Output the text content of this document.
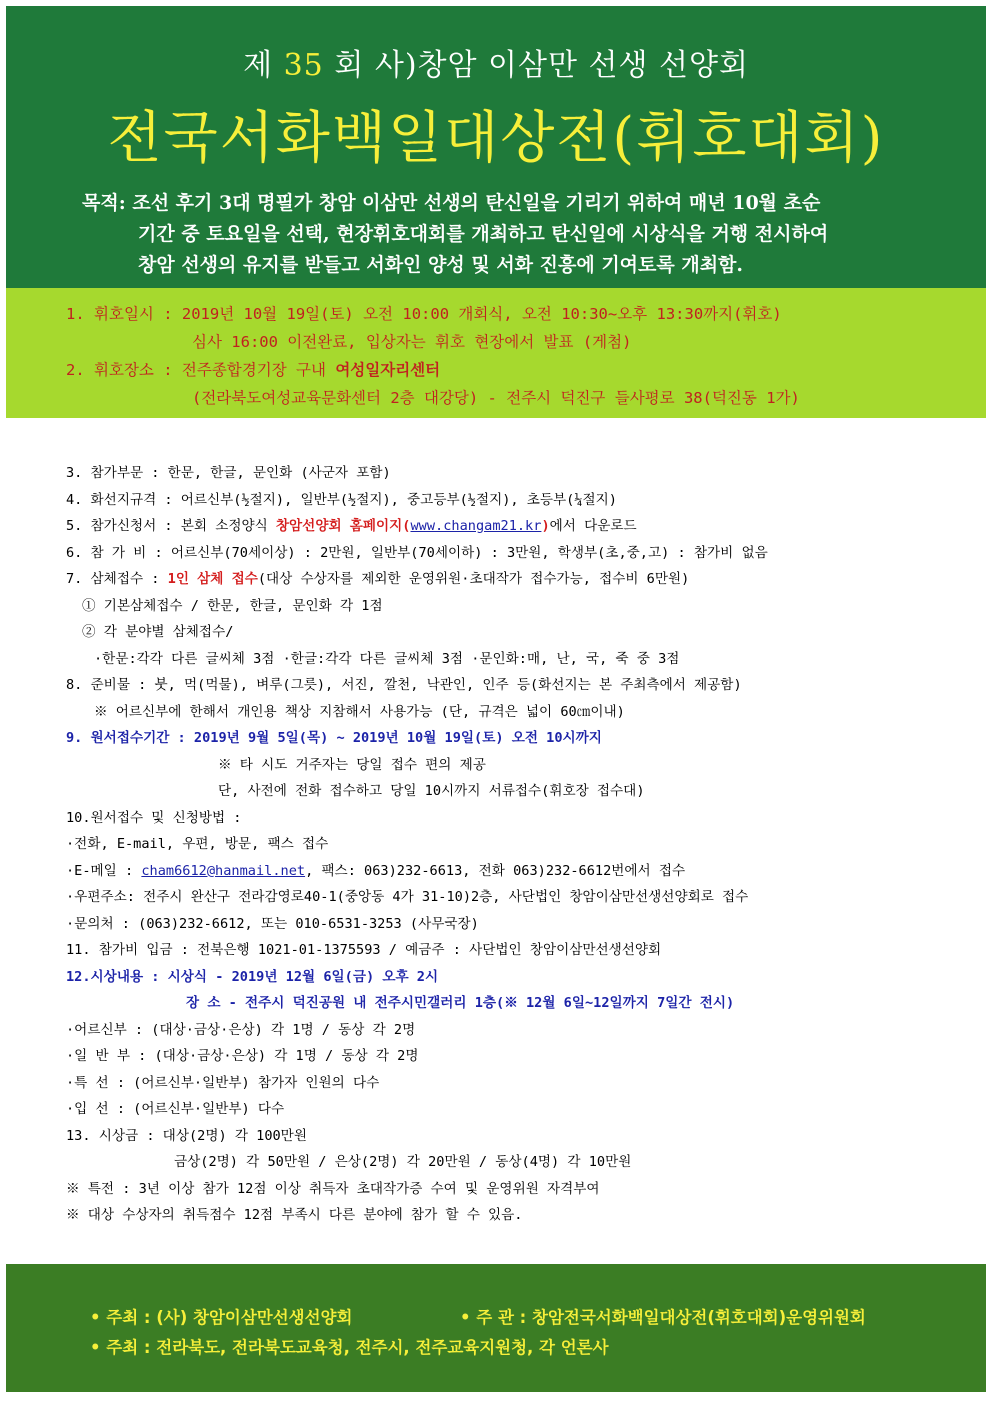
제 35 회 사)창암 이삼만 선생 선양회
전국서화백일대상전(휘호대회)

목적: 조선 후기 3대 명필가 창암 이삼만 선생의 탄신일을 기리기 위하여 매년 10월 초순

기간 중 토요일을 선택, 현장휘호대회를 개최하고 탄신일에 시상식을 거행 전시하여

창암 선생의 유지를 받들고 서화인 양성 및 서화 진흥에 기여토록 개최함.

1. 휘호일시 : 2019년 10월 19일(토) 오전 10:00 개회식, 오전 10:30~오후 13:30까지(휘호)
심사 16:00 이전완료, 입상자는 휘호 현장에서 발표 (게첨)
2. 휘호장소 : 전주종합경기장 구내 여성일자리센터
(전라북도여성교육문화센터 2층 대강당) - 전주시 덕진구 들사평로 38(덕진동 1가)
3. 참가부문 : 한문, 한글, 문인화 (사군자 포함)
4. 화선지규격 : 어르신부(½절지), 일반부(½절지), 중고등부(½절지), 초등부(¼절지)
5. 참가신청서 : 본회 소정양식 창암선양회 홈페이지(www.changam21.kr)에서 다운로드
6. 참 가 비 : 어르신부(70세이상) : 2만원, 일반부(70세이하) : 3만원, 학생부(초,중,고) : 참가비 없음
7. 삼체접수 : 1인 삼체 접수(대상 수상자를 제외한 운영위원·초대작가 접수가능, 접수비 6만원)
① 기본삼체접수 / 한문, 한글, 문인화 각 1점
② 각 분야별 삼체접수/
·한문:각각 다른 글씨체 3점 ·한글:각각 다른 글씨체 3점 ·문인화:매, 난, 국, 죽 중 3점
8. 준비물 : 붓, 먹(먹물), 벼루(그릇), 서진, 깔천, 낙관인, 인주 등(화선지는 본 주최측에서 제공함)
※ 어르신부에 한해서 개인용 책상 지참해서 사용가능 (단, 규격은 넓이 60㎝이내)
9. 원서접수기간 : 2019년 9월 5일(목) ~ 2019년 10월 19일(토) 오전 10시까지
※ 타 시도 거주자는 당일 접수 편의 제공
단, 사전에 전화 접수하고 당일 10시까지 서류접수(휘호장 접수대)
10.원서접수 및 신청방법 :
·전화, E-mail, 우편, 방문, 팩스 접수
·E-메일 : cham6612@hanmail.net, 팩스: 063)232-6613, 전화 063)232-6612번에서 접수
·우편주소: 전주시 완산구 전라감영로40-1(중앙동 4가 31-10)2층, 사단법인 창암이삼만선생선양회로 접수
·문의처 : (063)232-6612, 또는 010-6531-3253 (사무국장)
11. 참가비 입금 : 전북은행 1021-01-1375593 / 예금주 : 사단법인 창암이삼만선생선양회
12.시상내용 : 시상식 - 2019년 12월 6일(금) 오후 2시
장 소 - 전주시 덕진공원 내 전주시민갤러리 1층(※ 12월 6일~12일까지 7일간 전시)
·어르신부 : (대상·금상·은상) 각 1명 / 동상 각 2명
·일 반 부 : (대상·금상·은상) 각 1명 / 동상 각 2명
·특 선 : (어르신부·일반부) 참가자 인원의 다수
·입 선 : (어르신부·일반부) 다수
13. 시상금 : 대상(2명) 각 100만원
금상(2명) 각 50만원 / 은상(2명) 각 20만원 / 동상(4명) 각 10만원
※ 특전 : 3년 이상 참가 12점 이상 취득자 초대작가증 수여 및 운영위원 자격부여
※ 대상 수상자의 취득점수 12점 부족시 다른 분야에 참가 할 수 있음.
• 주최 : (사) 창암이삼만선생선양회	• 주 관 : 창암전국서화백일대상전(휘호대회)운영위원회
• 주최 : 전라북도, 전라북도교육청, 전주시, 전주교육지원청, 각 언론사
